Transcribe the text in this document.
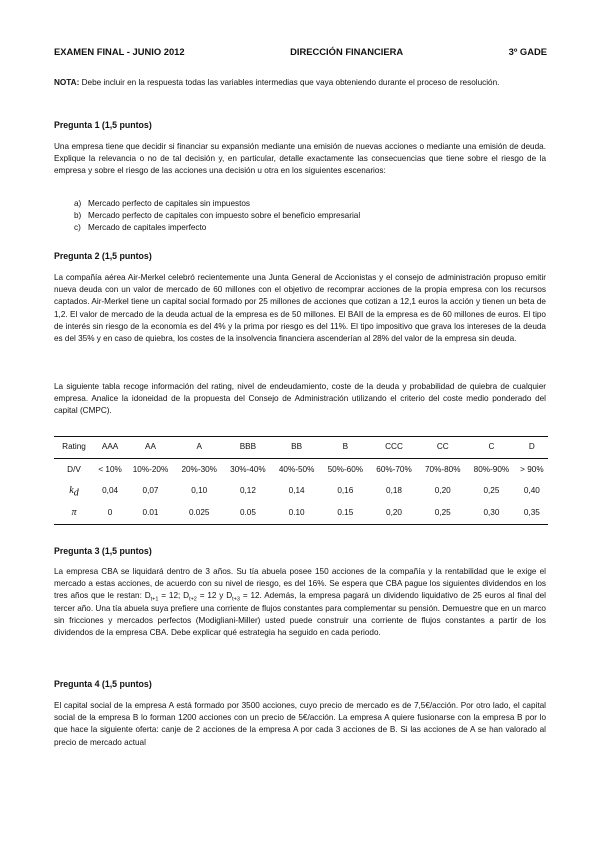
EXAMEN FINAL - JUNIO 2012	DIRECCIÓN FINANCIERA	3º GADE
NOTA: Debe incluir en la respuesta todas las variables intermedias que vaya obteniendo durante el proceso de resolución.
Pregunta 1 (1,5 puntos)
Una empresa tiene que decidir si financiar su expansión mediante una emisión de nuevas acciones o mediante una emisión de deuda. Explique la relevancia o no de tal decisión y, en particular, detalle exactamente las consecuencias que tiene sobre el riesgo de la empresa y sobre el riesgo de las acciones una decisión u otra en los siguientes escenarios:
a) Mercado perfecto de capitales sin impuestos
b) Mercado perfecto de capitales con impuesto sobre el beneficio empresarial
c) Mercado de capitales imperfecto
Pregunta 2 (1,5 puntos)
La compañía aérea Air-Merkel celebró recientemente una Junta General de Accionistas y el consejo de administración propuso emitir nueva deuda con un valor de mercado de 60 millones con el objetivo de recomprar acciones de la propia empresa con los recursos captados. Air-Merkel tiene un capital social formado por 25 millones de acciones que cotizan a 12,1 euros la acción y tienen un beta de 1,2. El valor de mercado de la deuda actual de la empresa es de 50 millones. El BAII de la empresa es de 60 millones de euros. El tipo de interés sin riesgo de la economía es del 4% y la prima por riesgo es del 11%. El tipo impositivo que grava los intereses de la deuda es del 35% y en caso de quiebra, los costes de la insolvencia financiera ascenderían al 28% del valor de la empresa sin deuda.
La siguiente tabla recoge información del rating, nivel de endeudamiento, coste de la deuda y probabilidad de quiebra de cualquier empresa. Analice la idoneidad de la propuesta del Consejo de Administración utilizando el criterio del coste medio ponderado del capital (CMPC).
Rating	AAA	AA	A	BBB	BB	B	CCC	CC	C	D
D/V	< 10%	10%-20%	20%-30%	30%-40%	40%-50%	50%-60%	60%-70%	70%-80%	80%-90%	> 90%
$k_d$	0,04	0,07	0,10	0,12	0,14	0,16	0,18	0,20	0,25	0,40
π	0	0.01	0.025	0.05	0.10	0.15	0,20	0,25	0,30	0,35
Pregunta 3 (1,5 puntos)
La empresa CBA se liquidará dentro de 3 años. Su tía abuela posee 150 acciones de la compañía y la rentabilidad que le exige el mercado a estas acciones, de acuerdo con su nivel de riesgo, es del 16%. Se espera que CBA pague los siguientes dividendos en los tres años que le restan: $D_{t+1} = 12$; $D_{t+2} = 12$ y $D_{t+3} = 12$. Además, la empresa pagará un dividendo liquidativo de 25 euros al final del tercer año. Una tía abuela suya prefiere una corriente de flujos constantes para complementar su pensión. Demuestre que en un marco sin fricciones y mercados perfectos (Modigliani-Miller) usted puede construir una corriente de flujos constantes a partir de los dividendos de la empresa CBA. Debe explicar qué estrategia ha seguido en cada periodo.
Pregunta 4 (1,5 puntos)
El capital social de la empresa A está formado por 3500 acciones, cuyo precio de mercado es de 7,5€/acción. Por otro lado, el capital social de la empresa B lo forman 1200 acciones con un precio de 5€/acción. La empresa A quiere fusionarse con la empresa B por lo que hace la siguiente oferta: canje de 2 acciones de la empresa A por cada 3 acciones de B. Si las acciones de A se han valorado al precio de mercado actual
